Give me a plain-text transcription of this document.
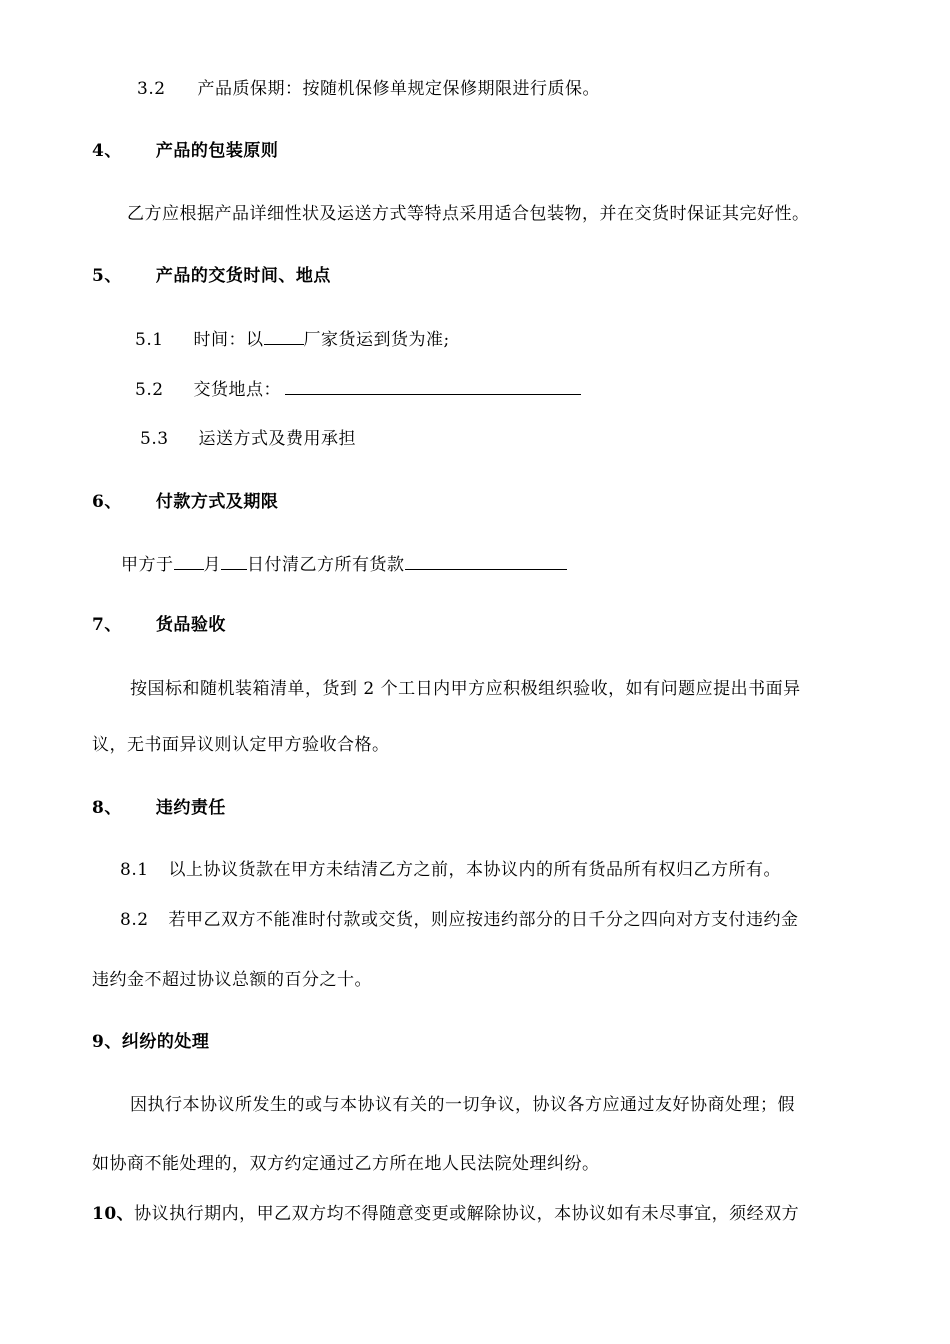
3.2 产品质保期：按随机保修单规定保修期限进行质保。
4、 产品的包装原则
乙方应根据产品详细性状及运送方式等特点采用适合包装物，并在交货时保证其完好性。
5、 产品的交货时间、地点
5.1 时间：以 厂家货运到货为准;
5.2 交货地点：
5.3 运送方式及费用承担
6、 付款方式及期限
甲方于 月 日付清乙方所有货款
7、 货品验收
按国标和随机装箱清单，货到 2 个工日内甲方应积极组织验收，如有问题应提出书面异
议，无书面异议则认定甲方验收合格。
8、 违约责任
8.1 以上协议货款在甲方未结清乙方之前，本协议内的所有货品所有权归乙方所有。
8.2 若甲乙双方不能准时付款或交货，则应按违约部分的日千分之四向对方支付违约金
违约金不超过协议总额的百分之十。
9、纠纷的处理
因执行本协议所发生的或与本协议有关的一切争议，协议各方应通过友好协商处理；假
如协商不能处理的，双方约定通过乙方所在地人民法院处理纠纷。
10、协议执行期内，甲乙双方均不得随意变更或解除协议，本协议如有未尽事宜，须经双方
